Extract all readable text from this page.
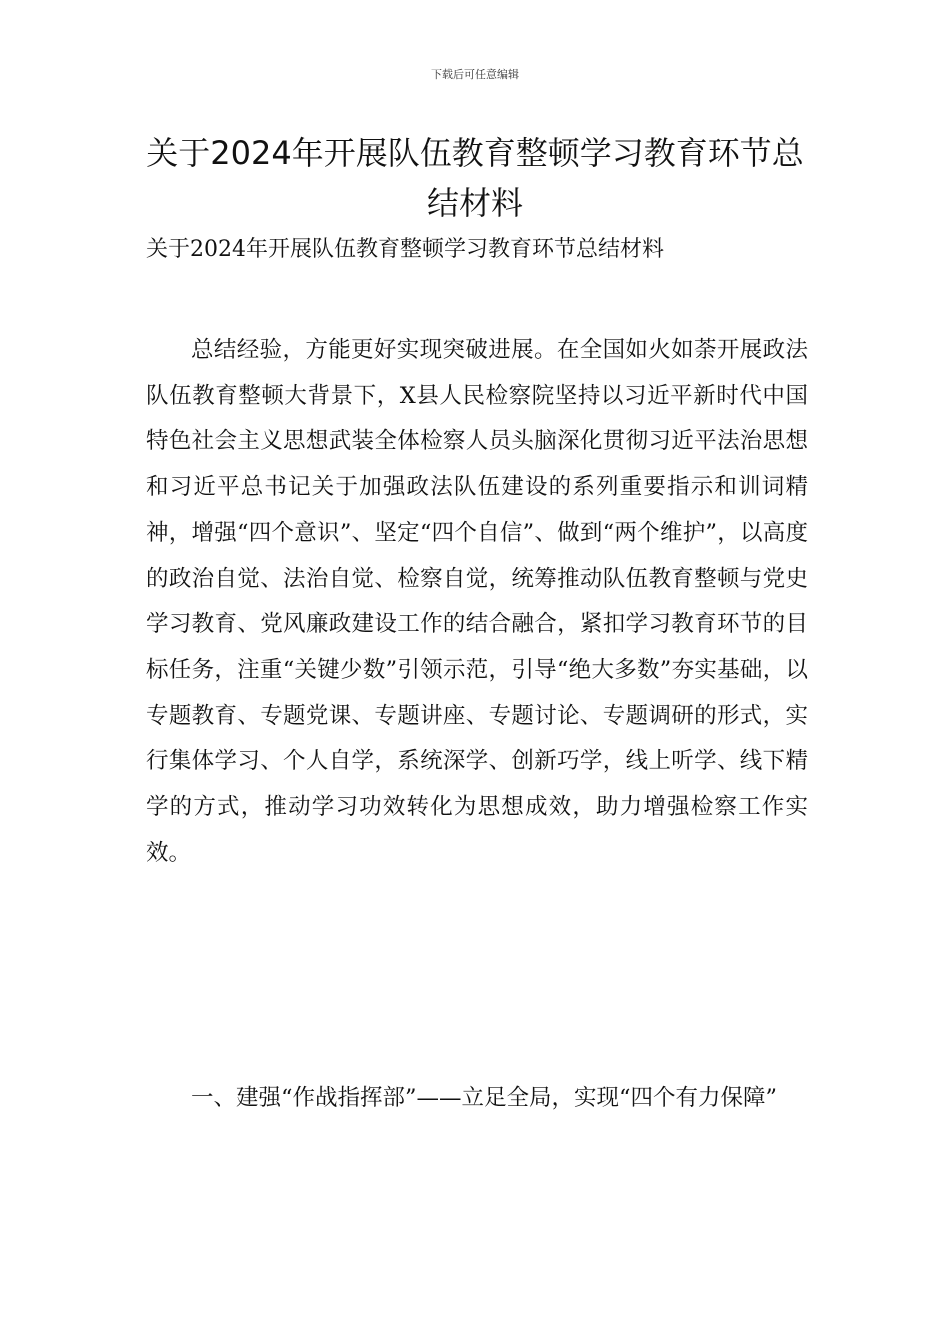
下载后可任意编辑
关于2024年开展队伍教育整顿学习教育环节总结材料
关于2024年开展队伍教育整顿学习教育环节总结材料

总结经验，方能更好实现突破进展。在全国如火如荼开展政法队伍教育整顿大背景下，X县人民检察院坚持以习近平新时代中国特色社会主义思想武装全体检察人员头脑深化贯彻习近平法治思想和习近平总书记关于加强政法队伍建设的系列重要指示和训词精神，增强“四个意识”、坚定“四个自信”、做到“两个维护”，以高度的政治自觉、法治自觉、检察自觉，统筹推动队伍教育整顿与党史学习教育、党风廉政建设工作的结合融合，紧扣学习教育环节的目标任务，注重“关键少数”引领示范，引导“绝大多数”夯实基础，以专题教育、专题党课、专题讲座、专题讨论、专题调研的形式，实行集体学习、个人自学，系统深学、创新巧学，线上听学、线下精学的方式，推动学习功效转化为思想成效，助力增强检察工作实效。

一、建强“作战指挥部”——立足全局，实现“四个有力保障”
